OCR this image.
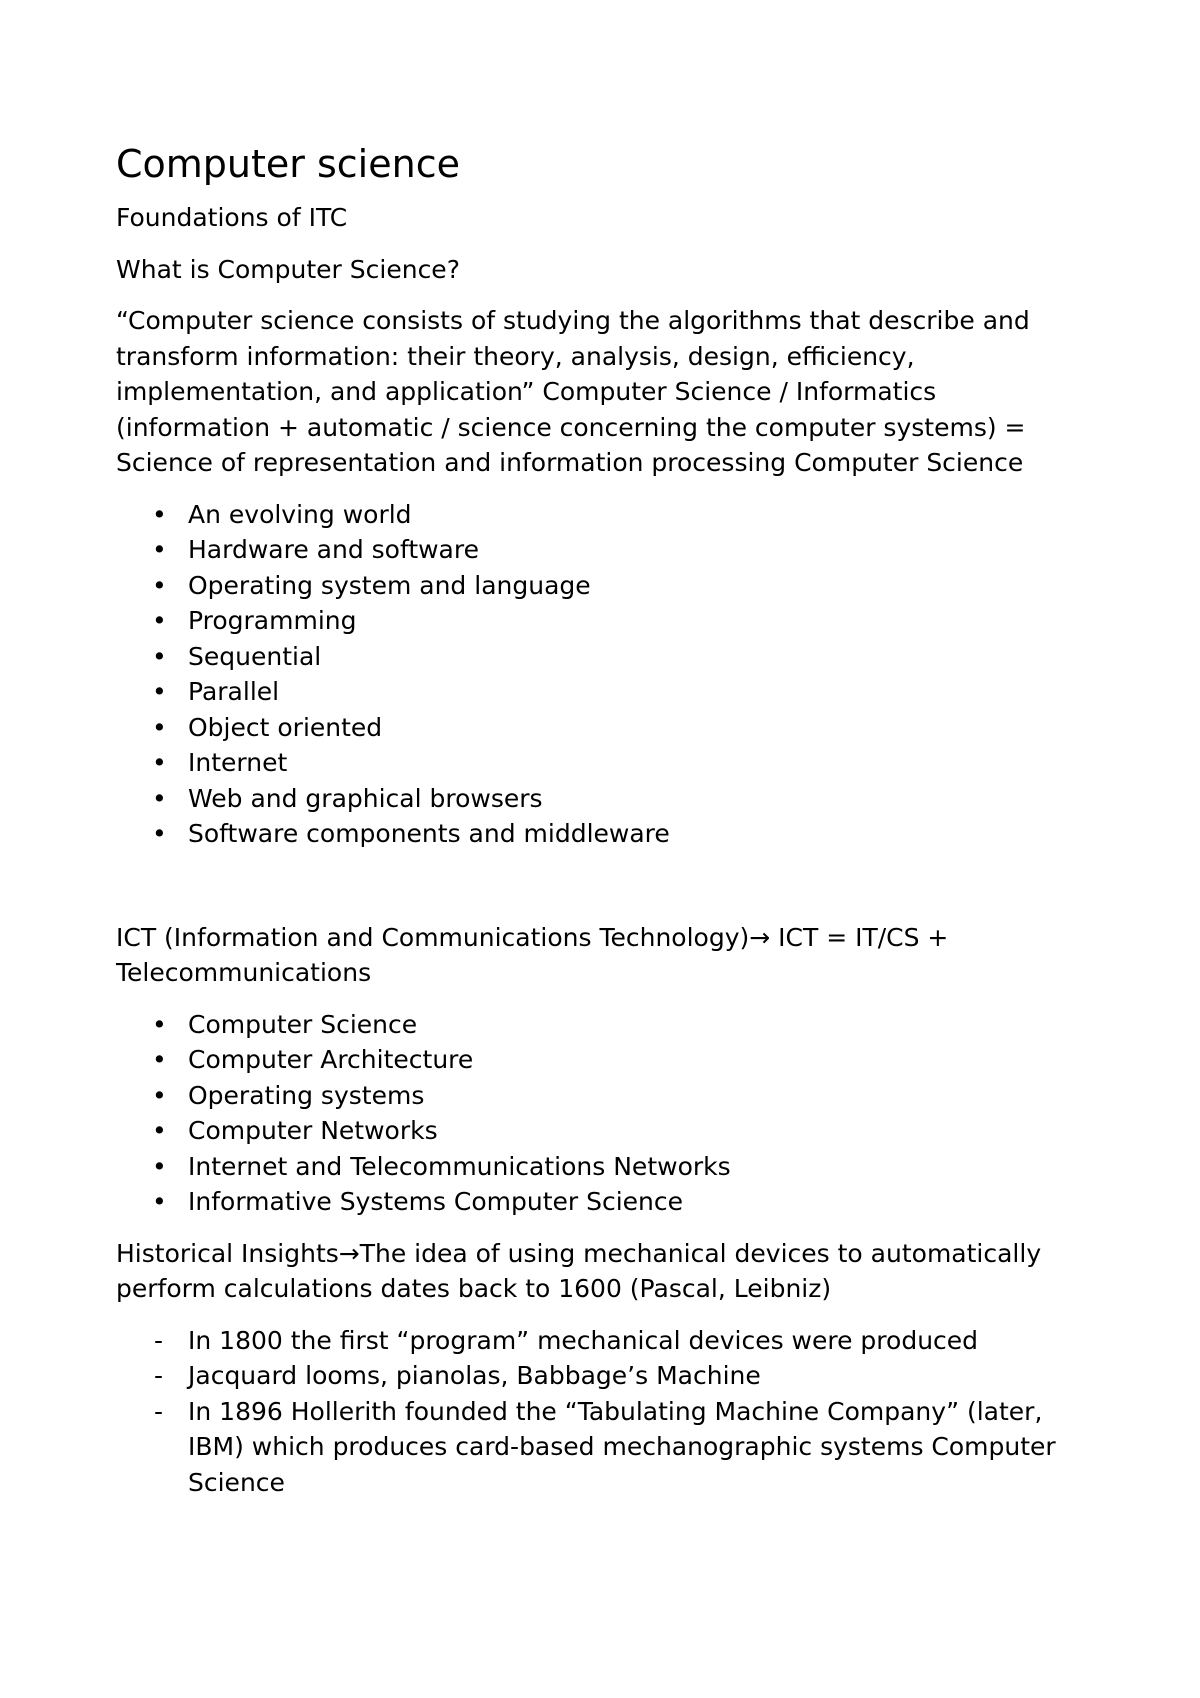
Computer science

Foundations of ITC

What is Computer Science?

“Computer science consists of studying the algorithms that describe and transform information: their theory, analysis, design, efficiency, implementation, and application” Computer Science / Informatics (information + automatic / science concerning the computer systems) = Science of representation and information processing Computer Science

• An evolving world
• Hardware and software
• Operating system and language
• Programming
• Sequential
• Parallel
• Object oriented
• Internet
• Web and graphical browsers
• Software components and middleware

ICT (Information and Communications Technology)→ ICT = IT/CS + Telecommunications

• Computer Science
• Computer Architecture
• Operating systems
• Computer Networks
• Internet and Telecommunications Networks
• Informative Systems Computer Science

Historical Insights→The idea of using mechanical devices to automatically perform calculations dates back to 1600 (Pascal, Leibniz)

- In 1800 the first “program” mechanical devices were produced
- Jacquard looms, pianolas, Babbage’s Machine
- In 1896 Hollerith founded the “Tabulating Machine Company” (later, IBM) which produces card-based mechanographic systems Computer Science
